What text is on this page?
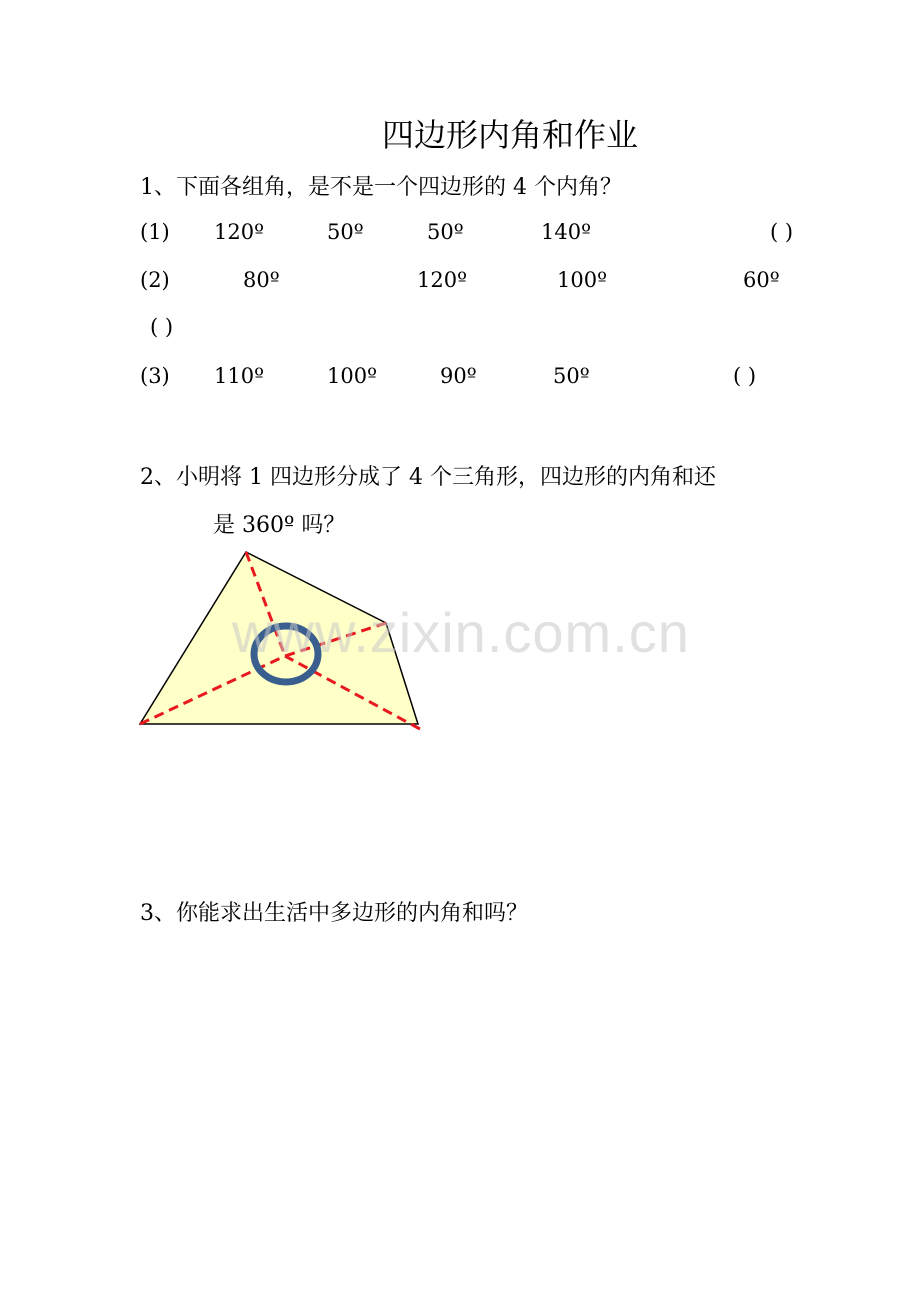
四边形内角和作业
1、下面各组角，是不是一个四边形的 4 个内角？
(1) 120º	50º	50º	140º	( )
(2)	80º	120º	100º	60º
( )
(3) 110º	100º	90º	50º	( )
2、小明将 1 四边形分成了 4 个三角形，四边形的内角和还
是 360º 吗？
www.zixin.com.cn
3、你能求出生活中多边形的内角和吗？
